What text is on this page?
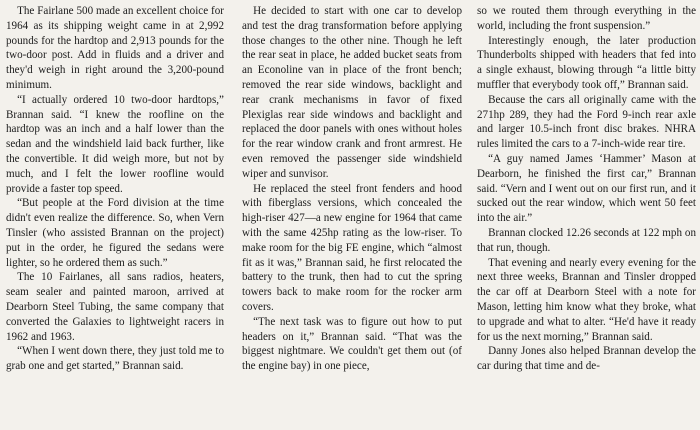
The Fairlane 500 made an excellent choice for 1964 as its shipping weight came in at 2,992 pounds for the hardtop and 2,913 pounds for the two-door post. Add in fluids and a driver and they'd weigh in right around the 3,200-pound minimum.

“I actually ordered 10 two-door hardtops,” Brannan said. “I knew the roofline on the hardtop was an inch and a half lower than the sedan and the windshield laid back further, like the convertible. It did weigh more, but not by much, and I felt the lower roofline would provide a faster top speed.

“But people at the Ford division at the time didn't even realize the difference. So, when Vern Tinsler (who assisted Brannan on the project) put in the order, he figured the sedans were lighter, so he ordered them as such.”

The 10 Fairlanes, all sans radios, heaters, seam sealer and painted maroon, arrived at Dearborn Steel Tubing, the same company that converted the Galaxies to lightweight racers in 1962 and 1963.

“When I went down there, they just told me to grab one and get started,” Brannan said.

He decided to start with one car to develop and test the drag transformation before applying those changes to the other nine. Though he left the rear seat in place, he added bucket seats from an Econoline van in place of the front bench; removed the rear side windows, backlight and rear crank mechanisms in favor of fixed Plexiglas rear side windows and backlight and replaced the door panels with ones without holes for the rear window crank and front armrest. He even removed the passenger side windshield wiper and sunvisor.

He replaced the steel front fenders and hood with fiberglass versions, which concealed the high-riser 427—a new engine for 1964 that came with the same 425hp rating as the low-riser. To make room for the big FE engine, which “almost fit as it was,” Brannan said, he first relocated the battery to the trunk, then had to cut the spring towers back to make room for the rocker arm covers.

“The next task was to figure out how to put headers on it,” Brannan said. “That was the biggest nightmare. We couldn't get them out (of the engine bay) in one piece,

so we routed them through everything in the world, including the front suspension.”

Interestingly enough, the later production Thunderbolts shipped with headers that fed into a single exhaust, blowing through “a little bitty muffler that everybody took off,” Brannan said.

Because the cars all originally came with the 271hp 289, they had the Ford 9-inch rear axle and larger 10.5-inch front disc brakes. NHRA rules limited the cars to a 7-inch-wide rear tire.

“A guy named James ‘Hammer’ Mason at Dearborn, he finished the first car,” Brannan said. “Vern and I went out on our first run, and it sucked out the rear window, which went 50 feet into the air.”

Brannan clocked 12.26 seconds at 122 mph on that run, though.

That evening and nearly every evening for the next three weeks, Brannan and Tinsler dropped the car off at Dearborn Steel with a note for Mason, letting him know what they broke, what to upgrade and what to alter. “He'd have it ready for us the next morning,” Brannan said.

Danny Jones also helped Brannan develop the car during that time and de-
